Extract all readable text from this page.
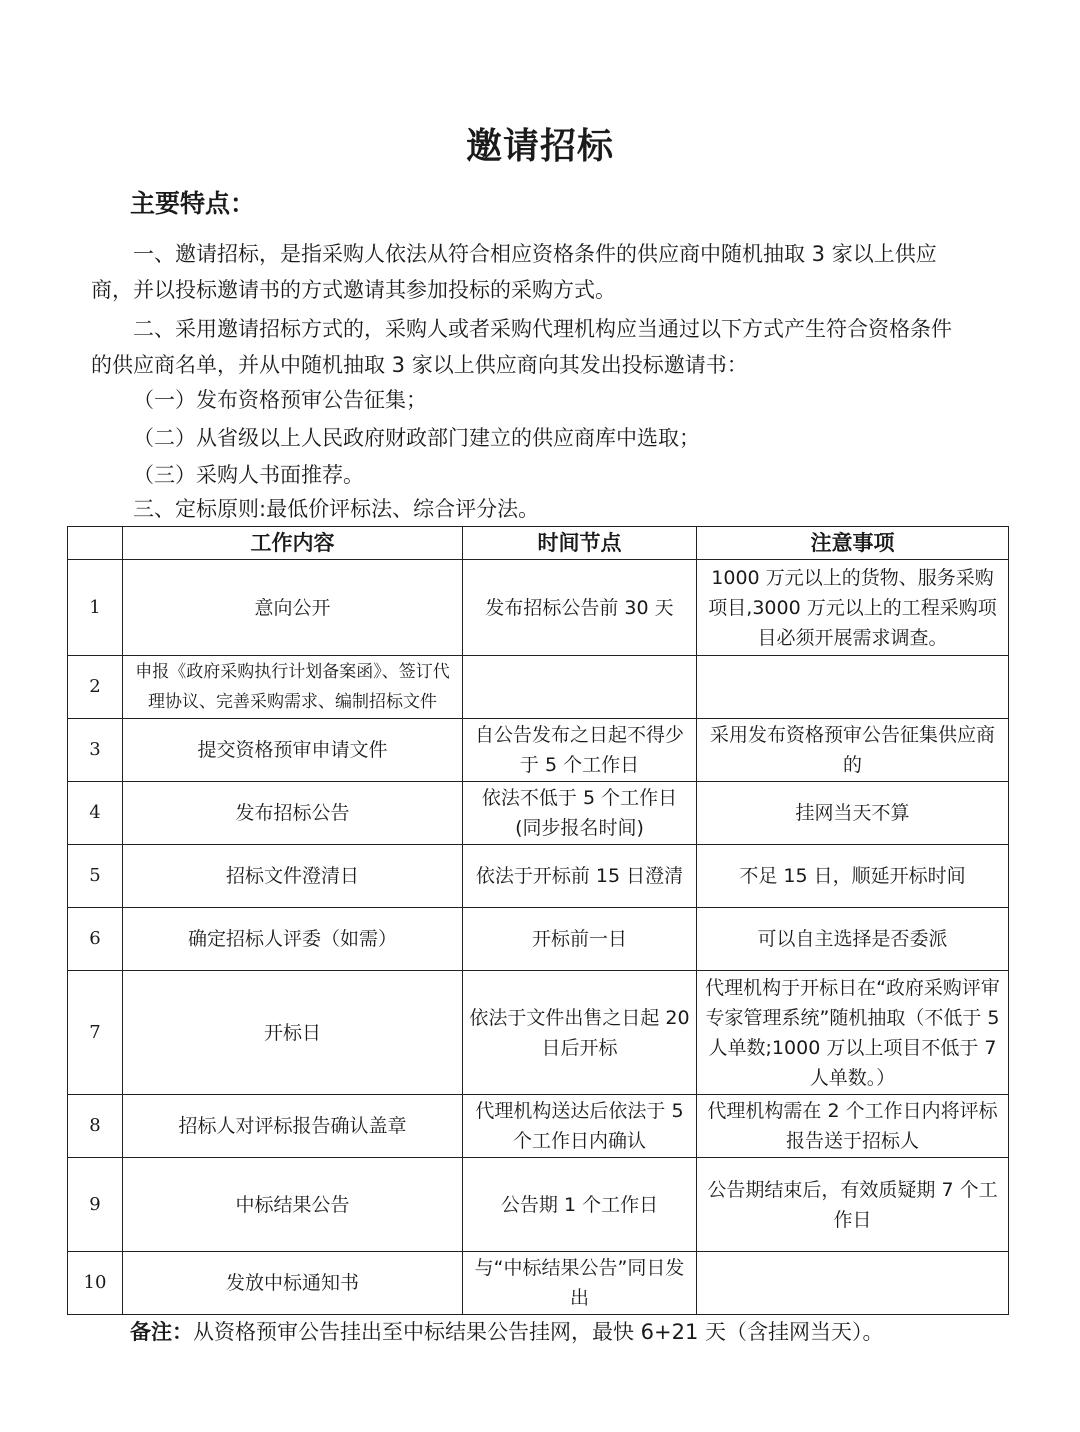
邀请招标
主要特点：
一、邀请招标，是指采购人依法从符合相应资格条件的供应商中随机抽取 3 家以上供应商，并以投标邀请书的方式邀请其参加投标的采购方式。
二、采用邀请招标方式的，采购人或者采购代理机构应当通过以下方式产生符合资格条件的供应商名单，并从中随机抽取 3 家以上供应商向其发出投标邀请书：
（一）发布资格预审公告征集；
（二）从省级以上人民政府财政部门建立的供应商库中选取；
（三）采购人书面推荐。
三、定标原则:最低价评标法、综合评分法。
	工作内容	时间节点	注意事项
1	意向公开	发布招标公告前 30 天	1000 万元以上的货物、服务采购项目,3000 万元以上的工程采购项目必须开展需求调查。
2	申报《政府采购执行计划备案函》、签订代理协议、完善采购需求、编制招标文件		
3	提交资格预审申请文件	自公告发布之日起不得少于 5 个工作日	采用发布资格预审公告征集供应商的
4	发布招标公告	依法不低于 5 个工作日(同步报名时间)	挂网当天不算
5	招标文件澄清日	依法于开标前 15 日澄清	不足 15 日，顺延开标时间
6	确定招标人评委（如需）	开标前一日	可以自主选择是否委派
7	开标日	依法于文件出售之日起 20 日后开标	代理机构于开标日在“政府采购评审专家管理系统”随机抽取（不低于 5 人单数;1000 万以上项目不低于 7 人单数。）
8	招标人对评标报告确认盖章	代理机构送达后依法于 5 个工作日内确认	代理机构需在 2 个工作日内将评标报告送于招标人
9	中标结果公告	公告期 1 个工作日	公告期结束后，有效质疑期 7 个工作日
10	发放中标通知书	与“中标结果公告”同日发出	
备注：从资格预审公告挂出至中标结果公告挂网，最快 6+21 天（含挂网当天）。
